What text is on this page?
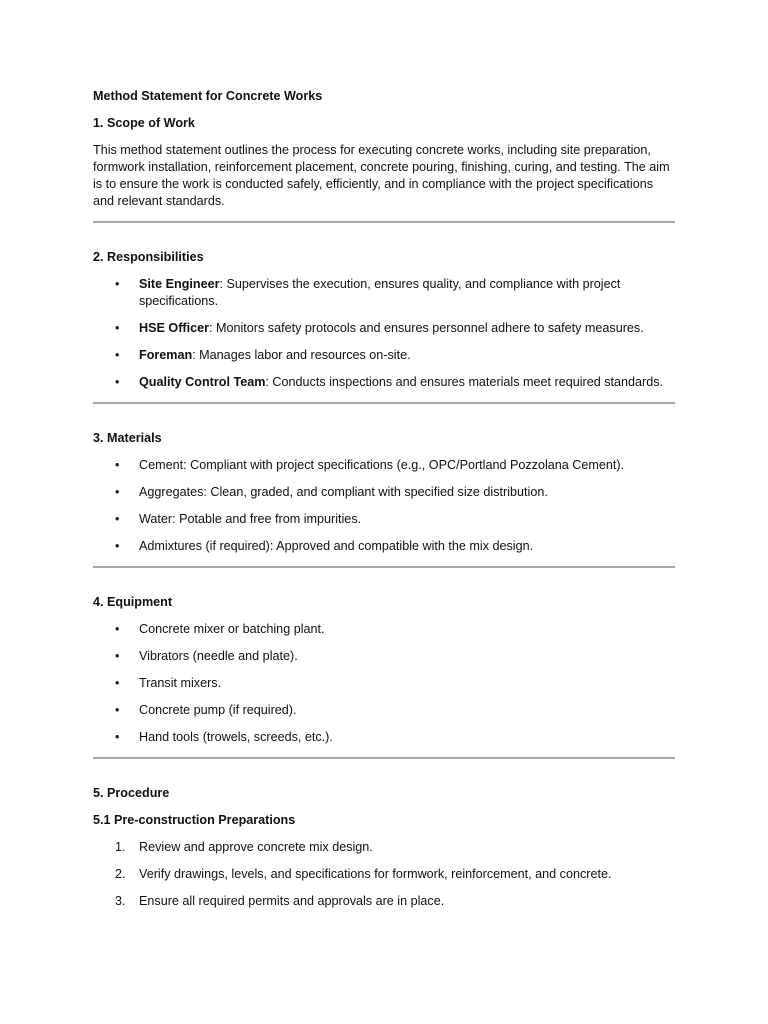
Method Statement for Concrete Works

1. Scope of Work

This method statement outlines the process for executing concrete works, including site preparation, formwork installation, reinforcement placement, concrete pouring, finishing, curing, and testing. The aim is to ensure the work is conducted safely, efficiently, and in compliance with the project specifications and relevant standards.

2. Responsibilities

• Site Engineer: Supervises the execution, ensures quality, and compliance with project specifications.
• HSE Officer: Monitors safety protocols and ensures personnel adhere to safety measures.
• Foreman: Manages labor and resources on-site.
• Quality Control Team: Conducts inspections and ensures materials meet required standards.

3. Materials

• Cement: Compliant with project specifications (e.g., OPC/Portland Pozzolana Cement).
• Aggregates: Clean, graded, and compliant with specified size distribution.
• Water: Potable and free from impurities.
• Admixtures (if required): Approved and compatible with the mix design.

4. Equipment

• Concrete mixer or batching plant.
• Vibrators (needle and plate).
• Transit mixers.
• Concrete pump (if required).
• Hand tools (trowels, screeds, etc.).

5. Procedure

5.1 Pre-construction Preparations

1. Review and approve concrete mix design.
2. Verify drawings, levels, and specifications for formwork, reinforcement, and concrete.
3. Ensure all required permits and approvals are in place.
